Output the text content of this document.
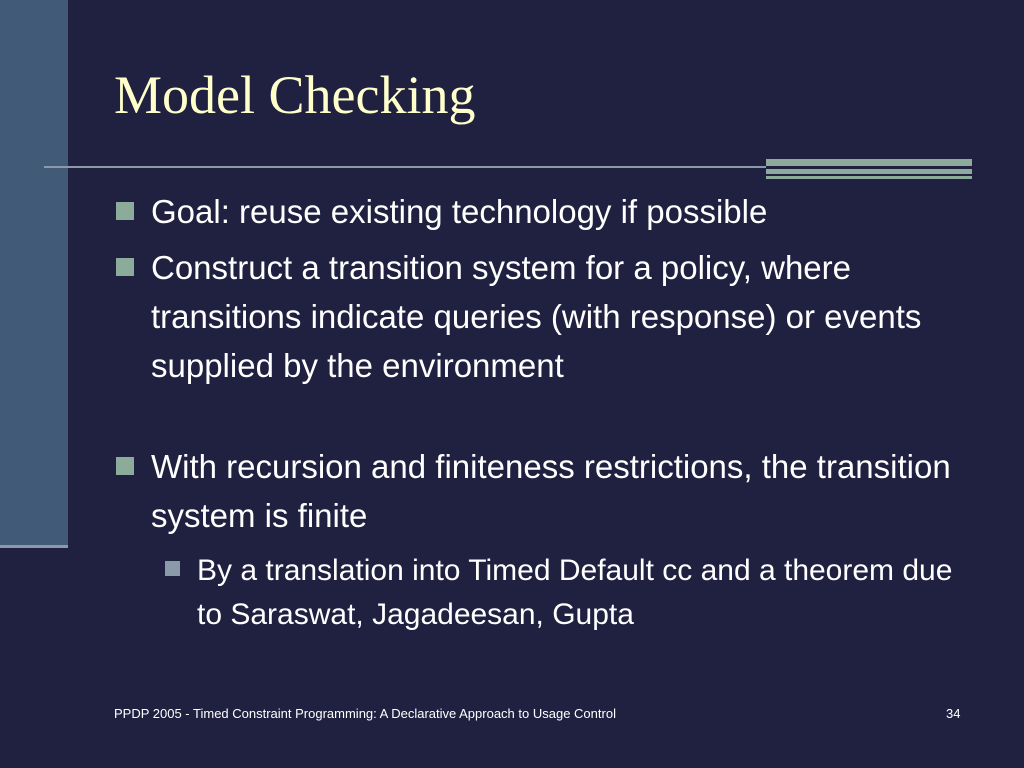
Model Checking
Goal: reuse existing technology if possible
Construct a transition system for a policy, where transitions indicate queries (with response) or events supplied by the environment
With recursion and finiteness restrictions, the transition system is finite
By a translation into Timed Default cc and a theorem due to Saraswat, Jagadeesan, Gupta
PPDP 2005 - Timed Constraint Programming: A Declarative Approach to Usage Control	34
